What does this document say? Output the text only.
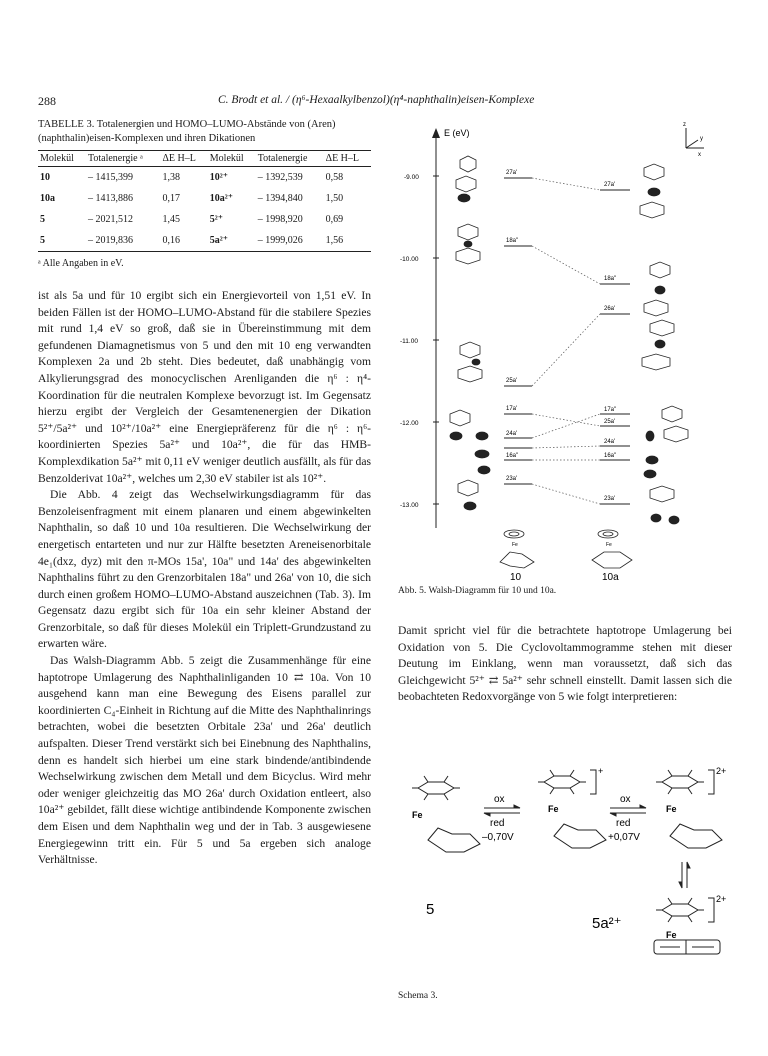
288	C. Brodt et al. / (η⁶-Hexaalkylbenzol)(η⁴-naphthalin)eisen-Komplexe
TABELLE 3. Totalenergien und HOMO–LUMO-Abstände von (Aren)(naphthalin)eisen-Komplexen und ihren Dikationen
Molekül	Totalenergie ᵃ	ΔE H–L	Molekül	Totalenergie	ΔE H–L
10	– 1415,399	1,38	10²⁺	– 1392,539	0,58
10a	– 1413,886	0,17	10a²⁺	– 1394,840	1,50
5	– 2021,512	1,45	5²⁺	– 1998,920	0,69
5	– 2019,836	0,16	5a²⁺	– 1999,026	1,56
ᵃ Alle Angaben in eV.

ist als 5a und für 10 ergibt sich ein Energievorteil von 1,51 eV. In beiden Fällen ist der HOMO–LUMO-Abstand für die stabilere Spezies mit rund 1,4 eV so groß, daß sie in Übereinstimmung mit dem gefundenen Diamagnetismus von 5 und den mit 10 eng verwandten Komplexen 2a und 2b steht. Dies bedeutet, daß unabhängig vom Alkylierungsgrad des monocyclischen Arenliganden die η⁶ : η⁴-Koordination für die neutralen Komplexe bevorzugt ist. Im Gegensatz hierzu ergibt der Vergleich der Gesamtenenergien der Dikation 5²⁺/5a²⁺ und 10²⁺/10a²⁺ eine Energiepräferenz für die η⁶ : η⁶-koordinierten Spezies 5a²⁺ und 10a²⁺, die für das HMB-Komplexdikation 5a²⁺ mit 0,11 eV weniger deutlich ausfällt, als für das Benzolderivat 10a²⁺, welches um 2,30 eV stabiler ist als 10²⁺.

Die Abb. 4 zeigt das Wechselwirkungsdiagramm für das Benzoleisenfragment mit einem planaren und einem abgewinkelten Naphthalin, so daß 10 und 10a resultieren. Die Wechselwirkung der energetisch entarteten und nur zur Hälfte besetzten Areneisenorbitale 4e₁(dxz, dyz) mit den π-MOs 15a', 10a" und 14a' des abgewinkelten Naphthalins führt zu den Grenzorbitalen 18a" und 26a' von 10, die sich durch einen großem HOMO–LUMO-Abstand auszeichnen (Tab. 3). Im Gegensatz dazu ergibt sich für 10a ein sehr kleiner Abstand der Grenzorbitale, so daß für dieses Molekül ein Triplett-Grundzustand zu erwarten wäre.

Das Walsh-Diagramm Abb. 5 zeigt die Zusammenhänge für eine haptotrope Umlagerung des Naphthalinliganden 10 ⇄ 10a. Von 10 ausgehend kann man eine Bewegung des Eisens parallel zur koordinierten C₄-Einheit in Richtung auf die Mitte des Naphthalinrings betrachten, wobei die besetzten Orbitale 23a' und 26a' deutlich aufspalten. Dieser Trend verstärkt sich bei Einebnung des Naphthalins, denn es handelt sich hierbei um eine stark bindende/antibindende Wechselwirkung zwischen dem Metall und dem Bicyclus. Wird mehr oder weniger gleichzeitig das MO 26a' durch Oxidation entleert, also 10a²⁺ gebildet, fällt diese wichtige antibindende Komponente zwischen dem Eisen und dem Naphthalin weg und der in Tab. 3 ausgewiesene Energiegewinn tritt ein. Für 5 und 5a ergeben sich analoge Verhältnisse.

E (eV)
-9.00
-10.00
-11.00
-12.00
-13.00
z
x
y
27a'
18a"
25a'
17a'
24a'
16a"
23a'
26a'
27a'
18a"
26a'
17a"
25a'
24a'
16a"
23a'
Fe	Fe
10	10a
Abb. 5. Walsh-Diagramm für 10 und 10a.
Damit spricht viel für die betrachtete haptotrope Umlagerung bei Oxidation von 5. Die Cyclovoltammogramme stehen mit dieser Deutung im Einklang, wenn man voraussetzt, daß sich das Gleichgewicht 5²⁺ ⇄ 5a²⁺ sehr schnell einstellt. Damit lassen sich die beobachteten Redoxvorgänge von 5 wie folgt interpretieren:
ox
red
–0,70V
ox
red
+0,07V
Fe
Fe	Fe
Fe
+	2+
2+
5
5a²⁺
Schema 3.
